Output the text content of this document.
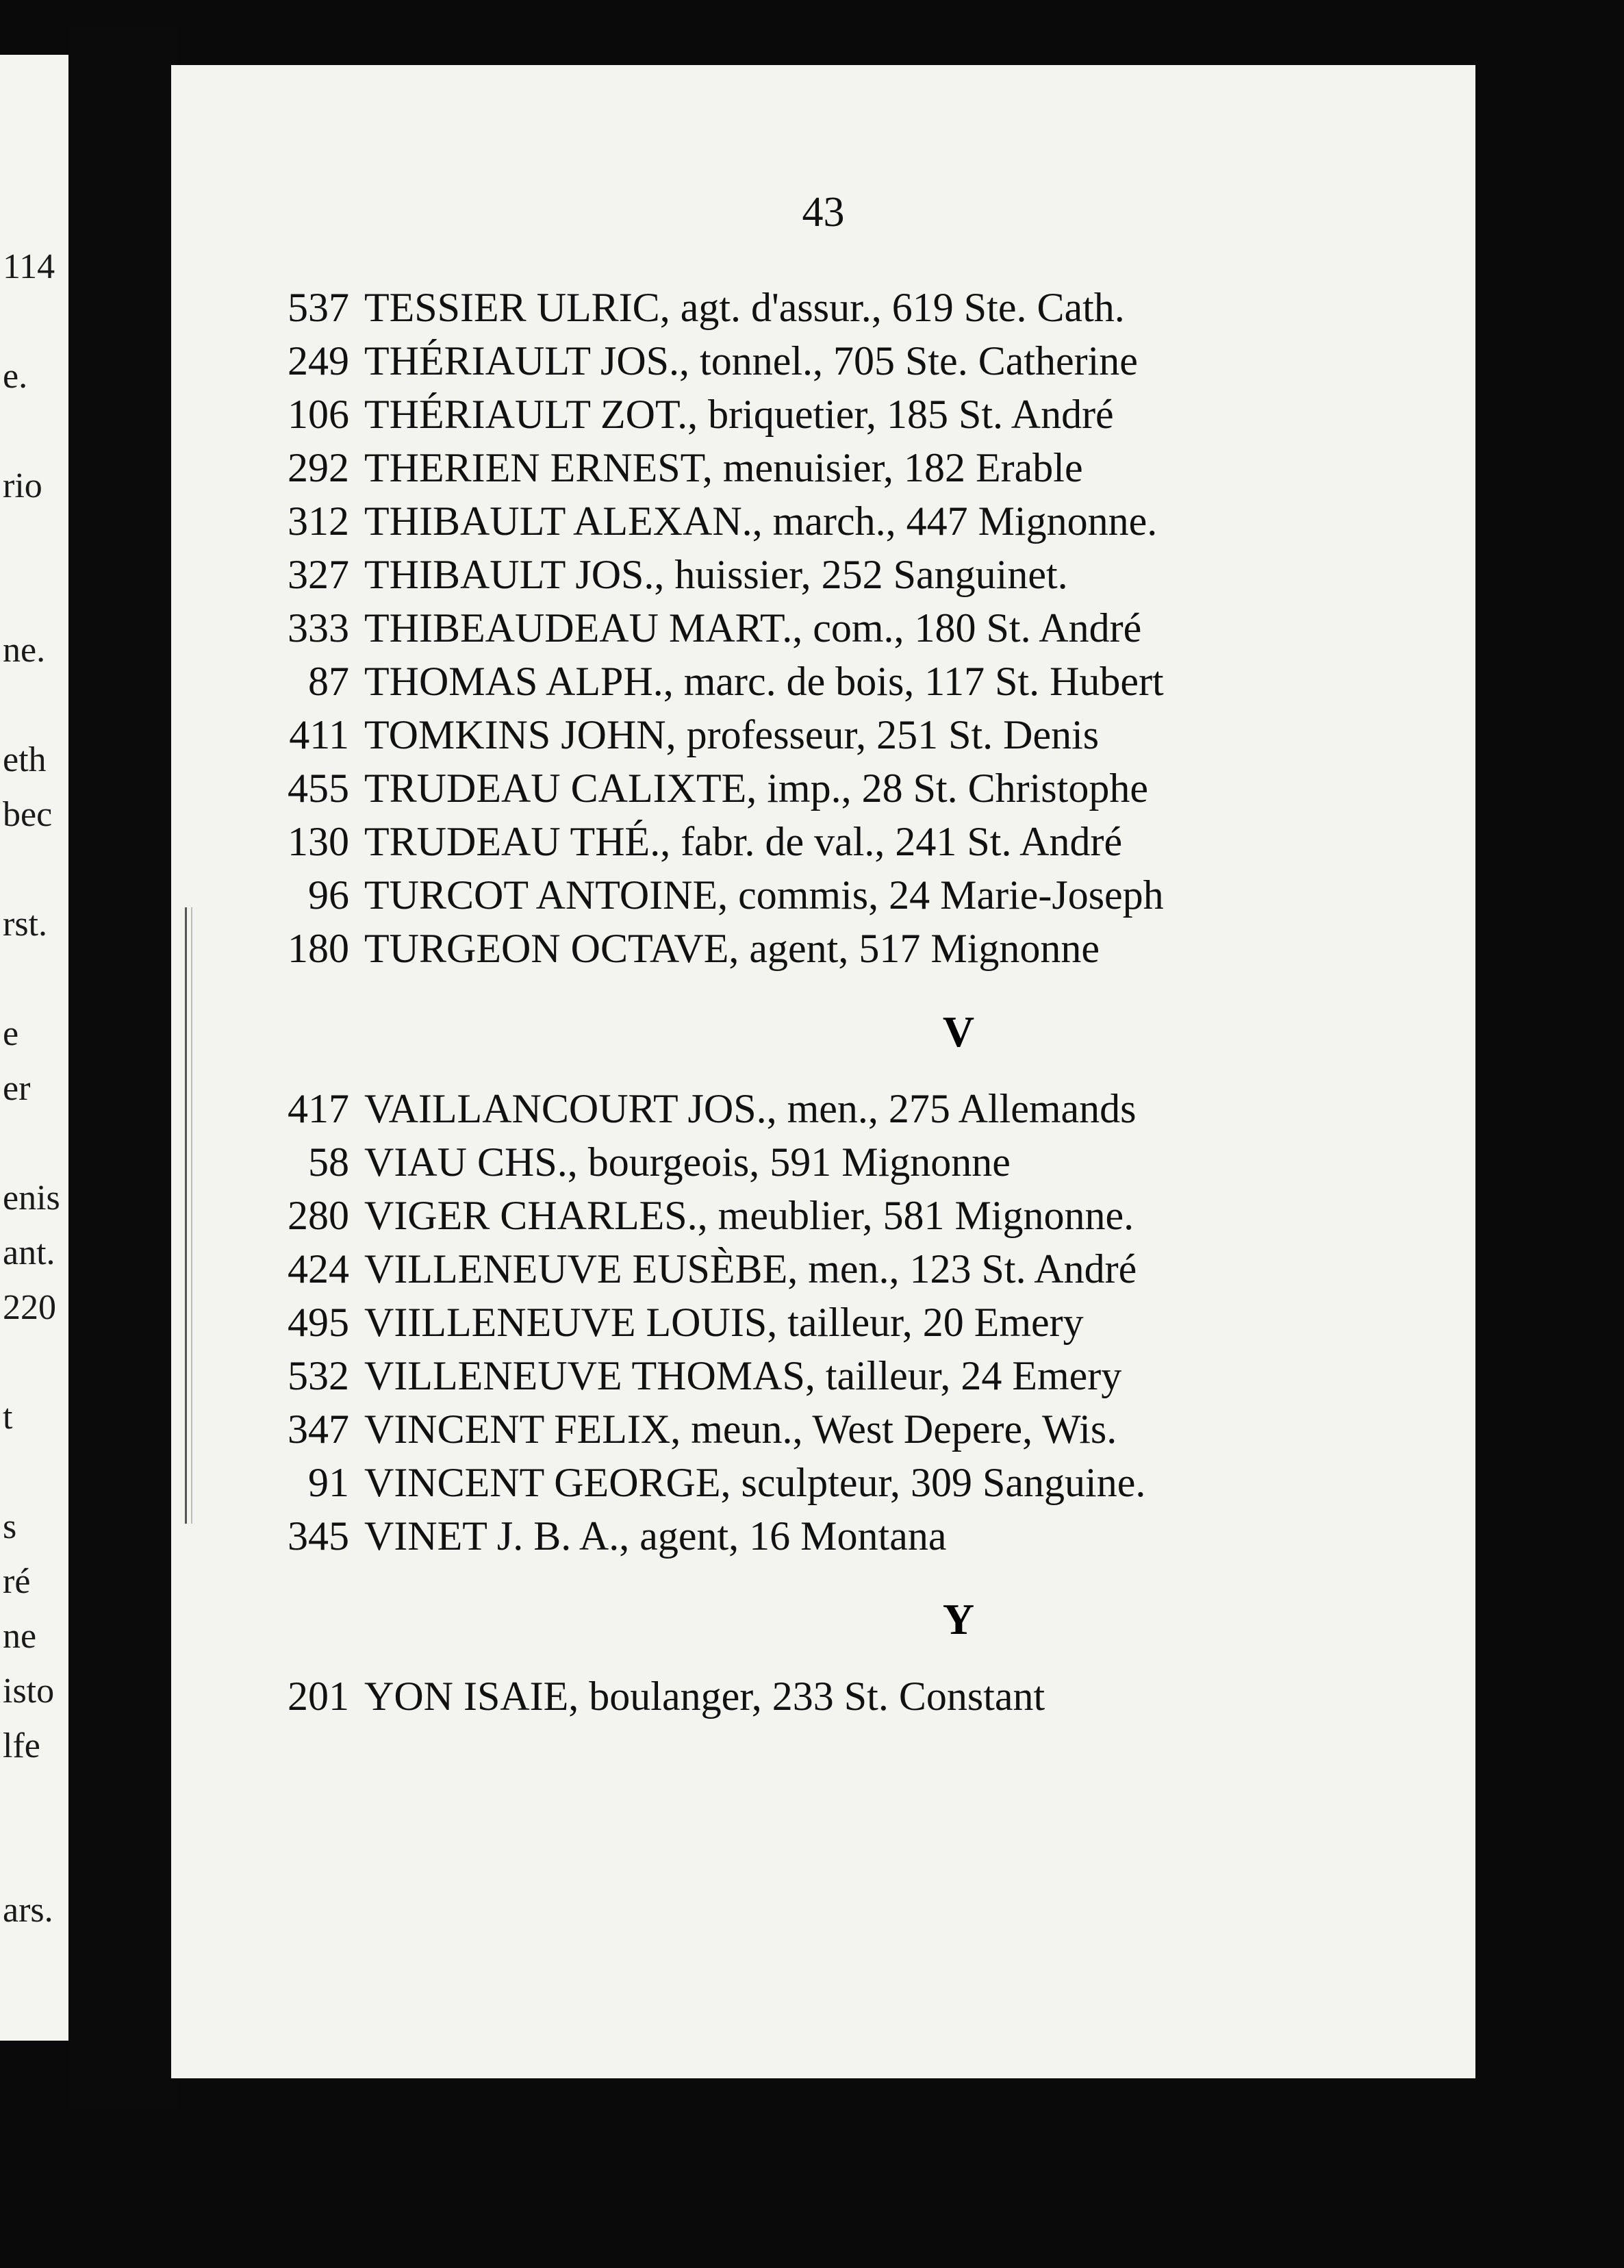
114
e.
rio
ne.
eth
bec
rst.
e
er
enis
ant.
220
t
s
ré
ne
isto
lfe
ars.
43
537 TESSIER ULRIC, agt. d'assur., 619 Ste. Cath.
249 THÉRIAULT JOS., tonnel., 705 Ste. Catherine
106 THÉRIAULT ZOT., briquetier, 185 St. André
292 THERIEN ERNEST, menuisier, 182 Erable
312 THIBAULT ALEXAN., march., 447 Mignonne.
327 THIBAULT JOS., huissier, 252 Sanguinet.
333 THIBEAUDEAU MART., com., 180 St. André
87 THOMAS ALPH., marc. de bois, 117 St. Hubert
411 TOMKINS JOHN, professeur, 251 St. Denis
455 TRUDEAU CALIXTE, imp., 28 St. Christophe
130 TRUDEAU THÉ., fabr. de val., 241 St. André
96 TURCOT ANTOINE, commis, 24 Marie-Joseph
180 TURGEON OCTAVE, agent, 517 Mignonne
V
417 VAILLANCOURT JOS., men., 275 Allemands
58 VIAU CHS., bourgeois, 591 Mignonne
280 VIGER CHARLES., meublier, 581 Mignonne.
424 VILLENEUVE EUSÈBE, men., 123 St. André
495 VIILLENEUVE LOUIS, tailleur, 20 Emery
532 VILLENEUVE THOMAS, tailleur, 24 Emery
347 VINCENT FELIX, meun., West Depere, Wis.
91 VINCENT GEORGE, sculpteur, 309 Sanguine.
345 VINET J. B. A., agent, 16 Montana
Y
201 YON ISAIE, boulanger, 233 St. Constant
